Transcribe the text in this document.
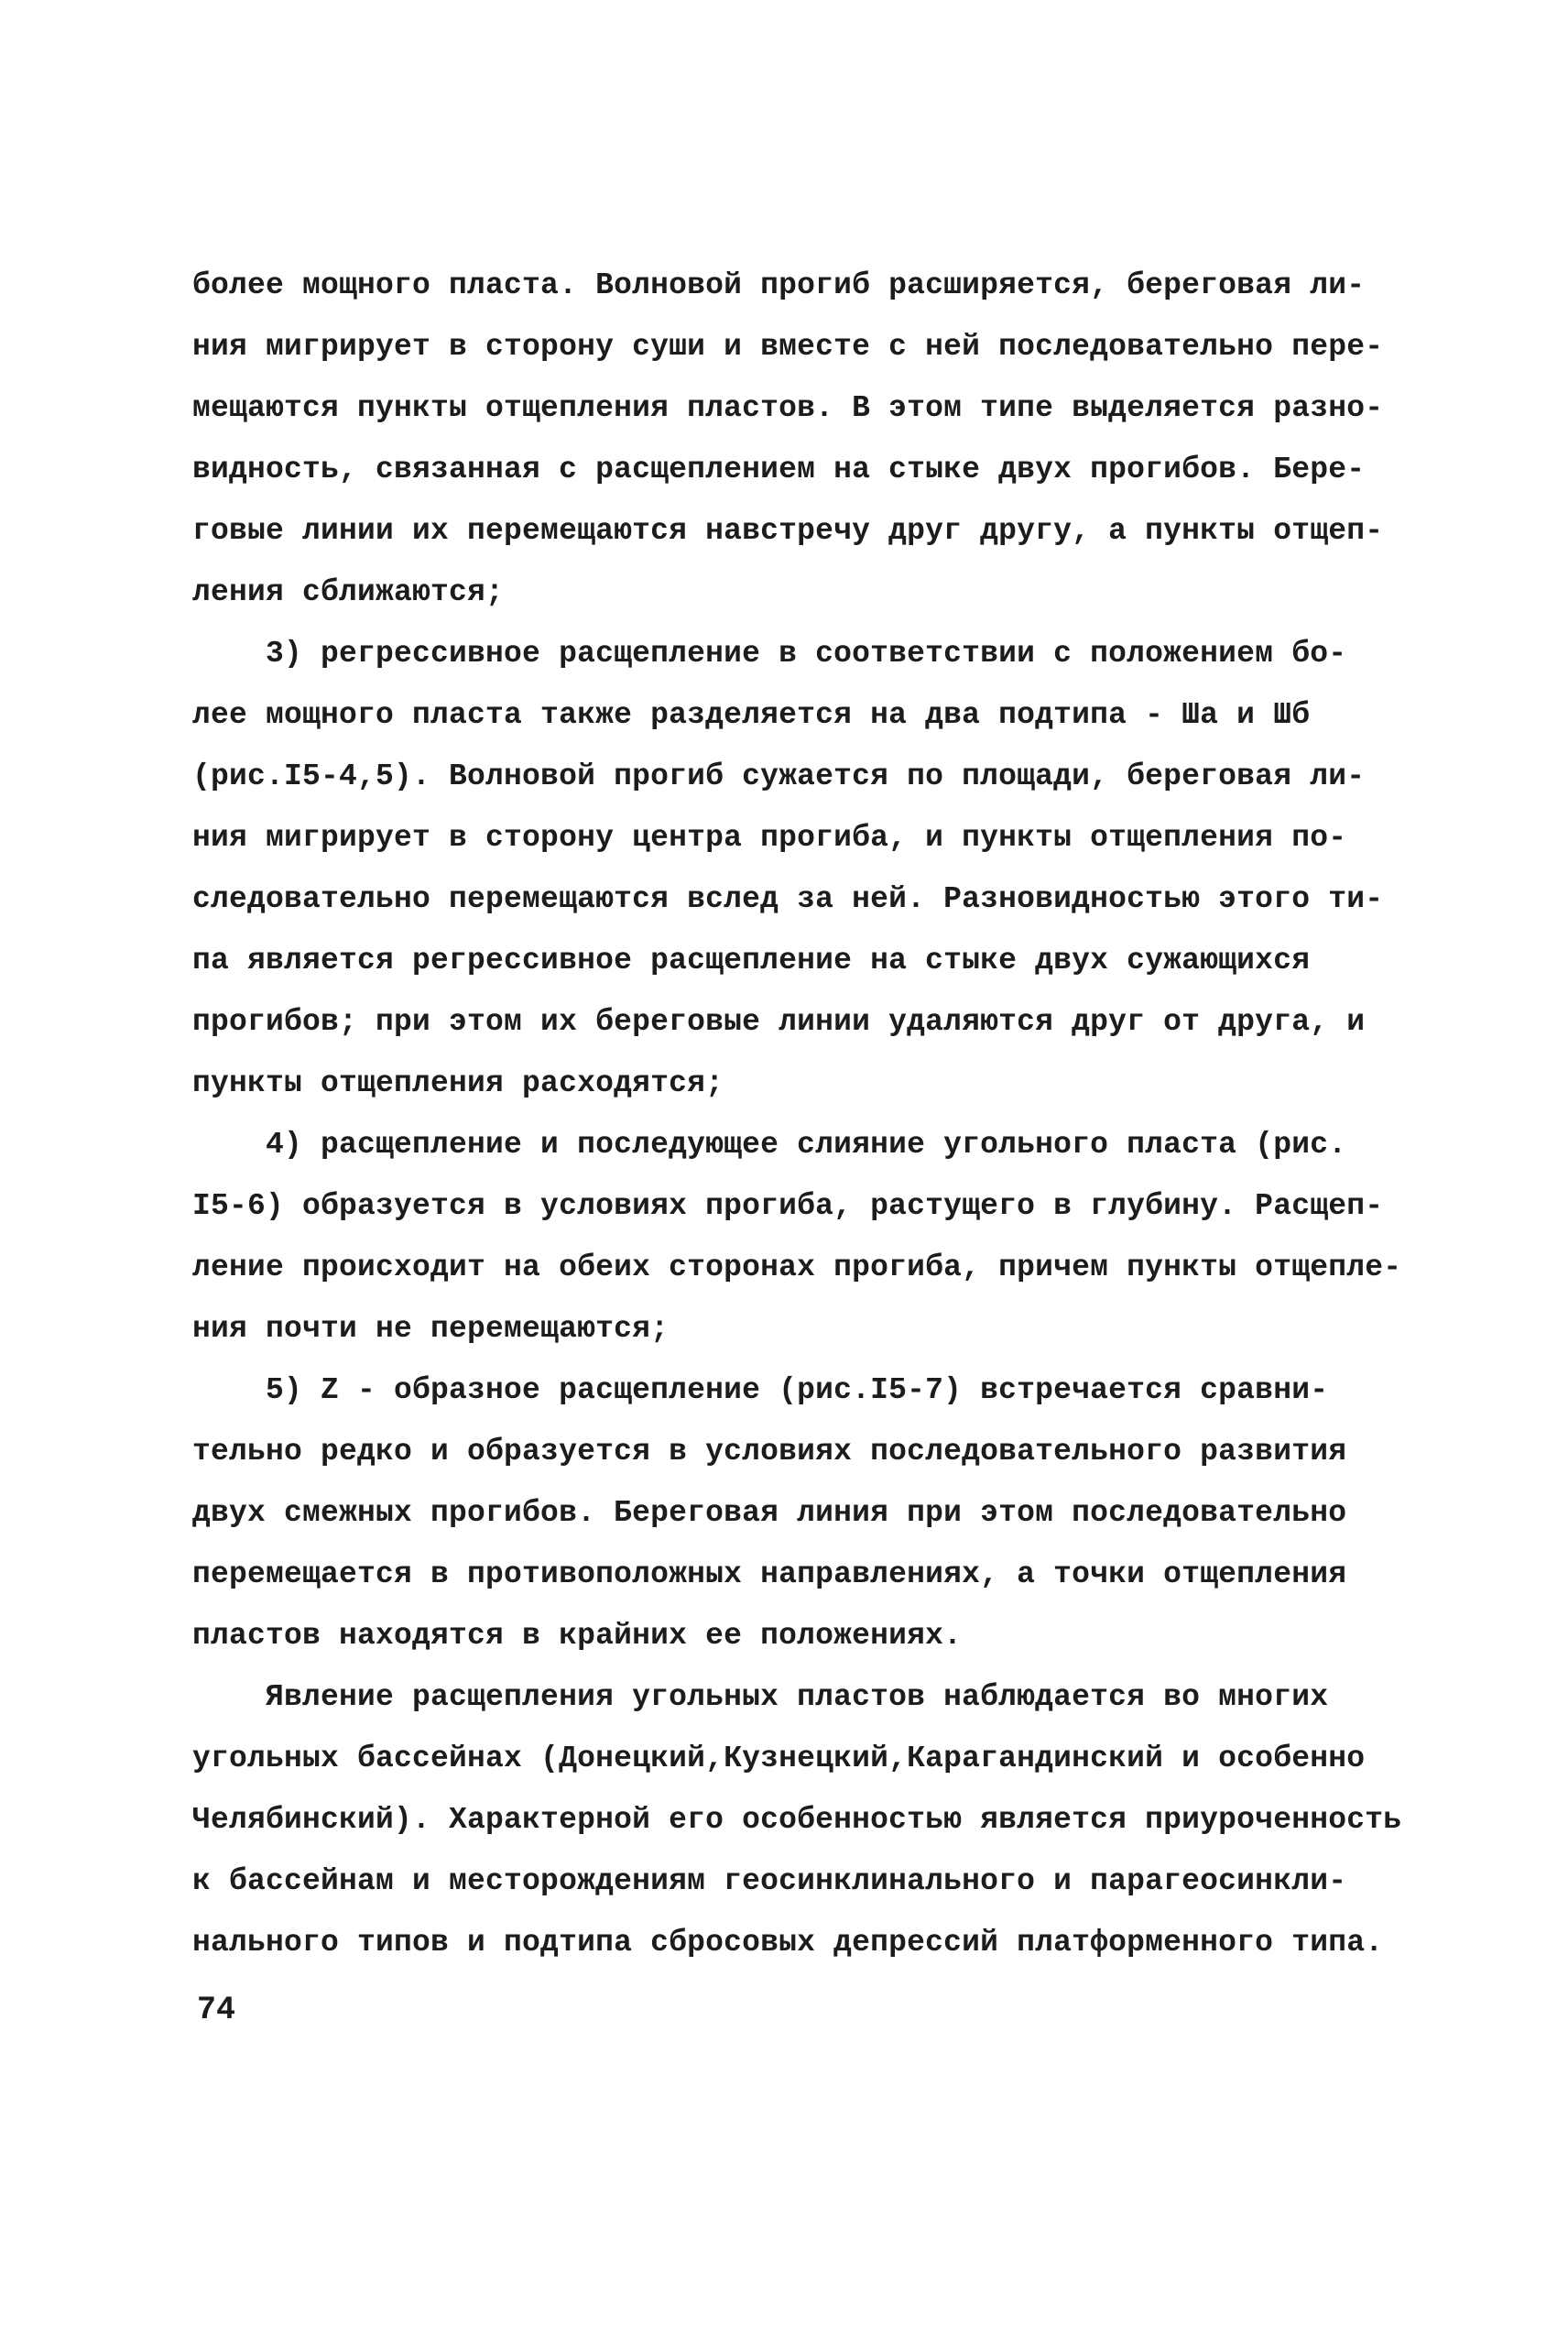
более мощного пласта. Волновой прогиб расширяется, береговая ли-
ния мигрирует в сторону суши и вместе с ней последовательно пере-
мещаются пункты отщепления пластов. В этом типе выделяется разно-
видность, связанная с расщеплением на стыке двух прогибов. Бере-
говые линии их перемещаются навстречу друг другу, а пункты отщеп-
ления сближаются;
3) регрессивное расщепление в соответствии с положением бо-
лее мощного пласта также разделяется на два подтипа - Ша и Шб
(рис.I5-4,5). Волновой прогиб сужается по площади, береговая ли-
ния мигрирует в сторону центра прогиба, и пункты отщепления по-
следовательно перемещаются вслед за ней. Разновидностью этого ти-
па является регрессивное расщепление на стыке двух сужающихся
прогибов; при этом их береговые линии удаляются друг от друга, и
пункты отщепления расходятся;
4) расщепление и последующее слияние угольного пласта (рис.
I5-6) образуется в условиях прогиба, растущего в глубину. Расщеп-
ление происходит на обеих сторонах прогиба, причем пункты отщепле-
ния почти не перемещаются;
5) Z - образное расщепление (рис.I5-7) встречается сравни-
тельно редко и образуется в условиях последовательного развития
двух смежных прогибов. Береговая линия при этом последовательно
перемещается в противоположных направлениях, а точки отщепления
пластов находятся в крайних ее положениях.
Явление расщепления угольных пластов наблюдается во многих
угольных бассейнах (Донецкий,Кузнецкий,Карагандинский и особенно
Челябинский). Характерной его особенностью является приуроченность
к бассейнам и месторождениям геосинклинального и парагеосинкли-
нального типов и подтипа сбросовых депрессий платформенного типа.
74
